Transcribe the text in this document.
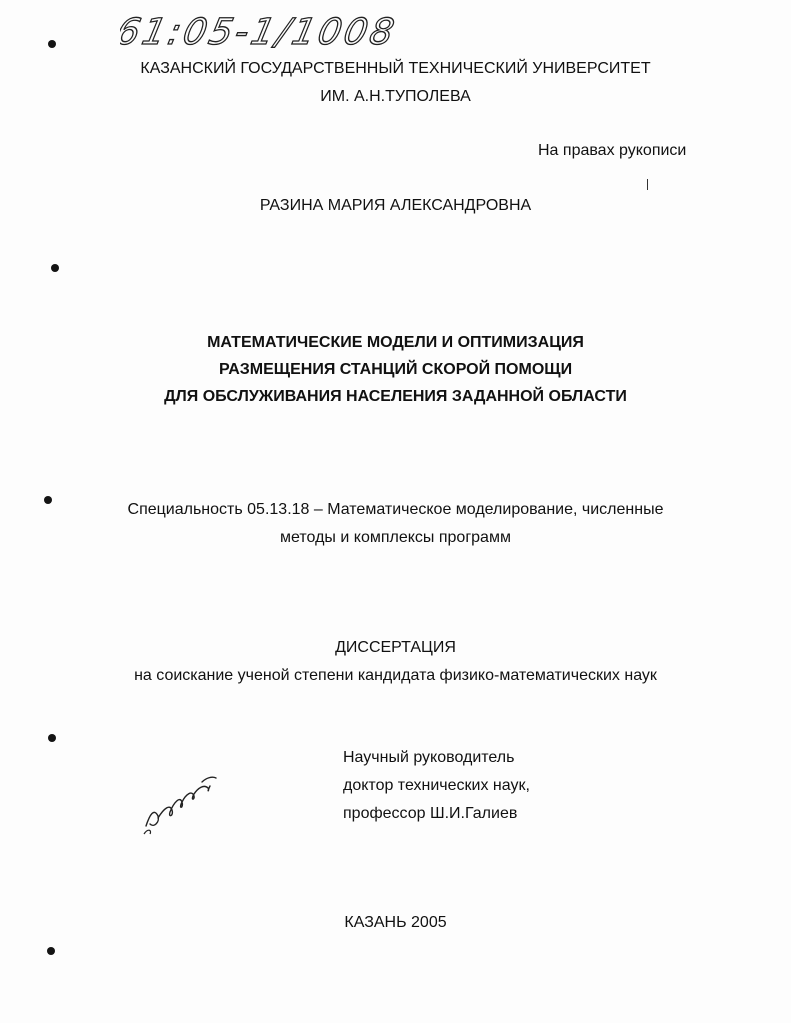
61:05-1/1008
КАЗАНСКИЙ ГОСУДАРСТВЕННЫЙ ТЕХНИЧЕСКИЙ УНИВЕРСИТЕТ
ИМ. А.Н.ТУПОЛЕВА
На правах рукописи
РАЗИНА МАРИЯ АЛЕКСАНДРОВНА
МАТЕМАТИЧЕСКИЕ МОДЕЛИ И ОПТИМИЗАЦИЯ
РАЗМЕЩЕНИЯ СТАНЦИЙ СКОРОЙ ПОМОЩИ
ДЛЯ ОБСЛУЖИВАНИЯ НАСЕЛЕНИЯ ЗАДАННОЙ ОБЛАСТИ
Специальность 05.13.18 – Математическое моделирование, численные
методы и комплексы программ
ДИССЕРТАЦИЯ
на соискание ученой степени кандидата физико-математических наук
Научный руководитель
доктор технических наук,
профессор Ш.И.Галиев
КАЗАНЬ 2005
